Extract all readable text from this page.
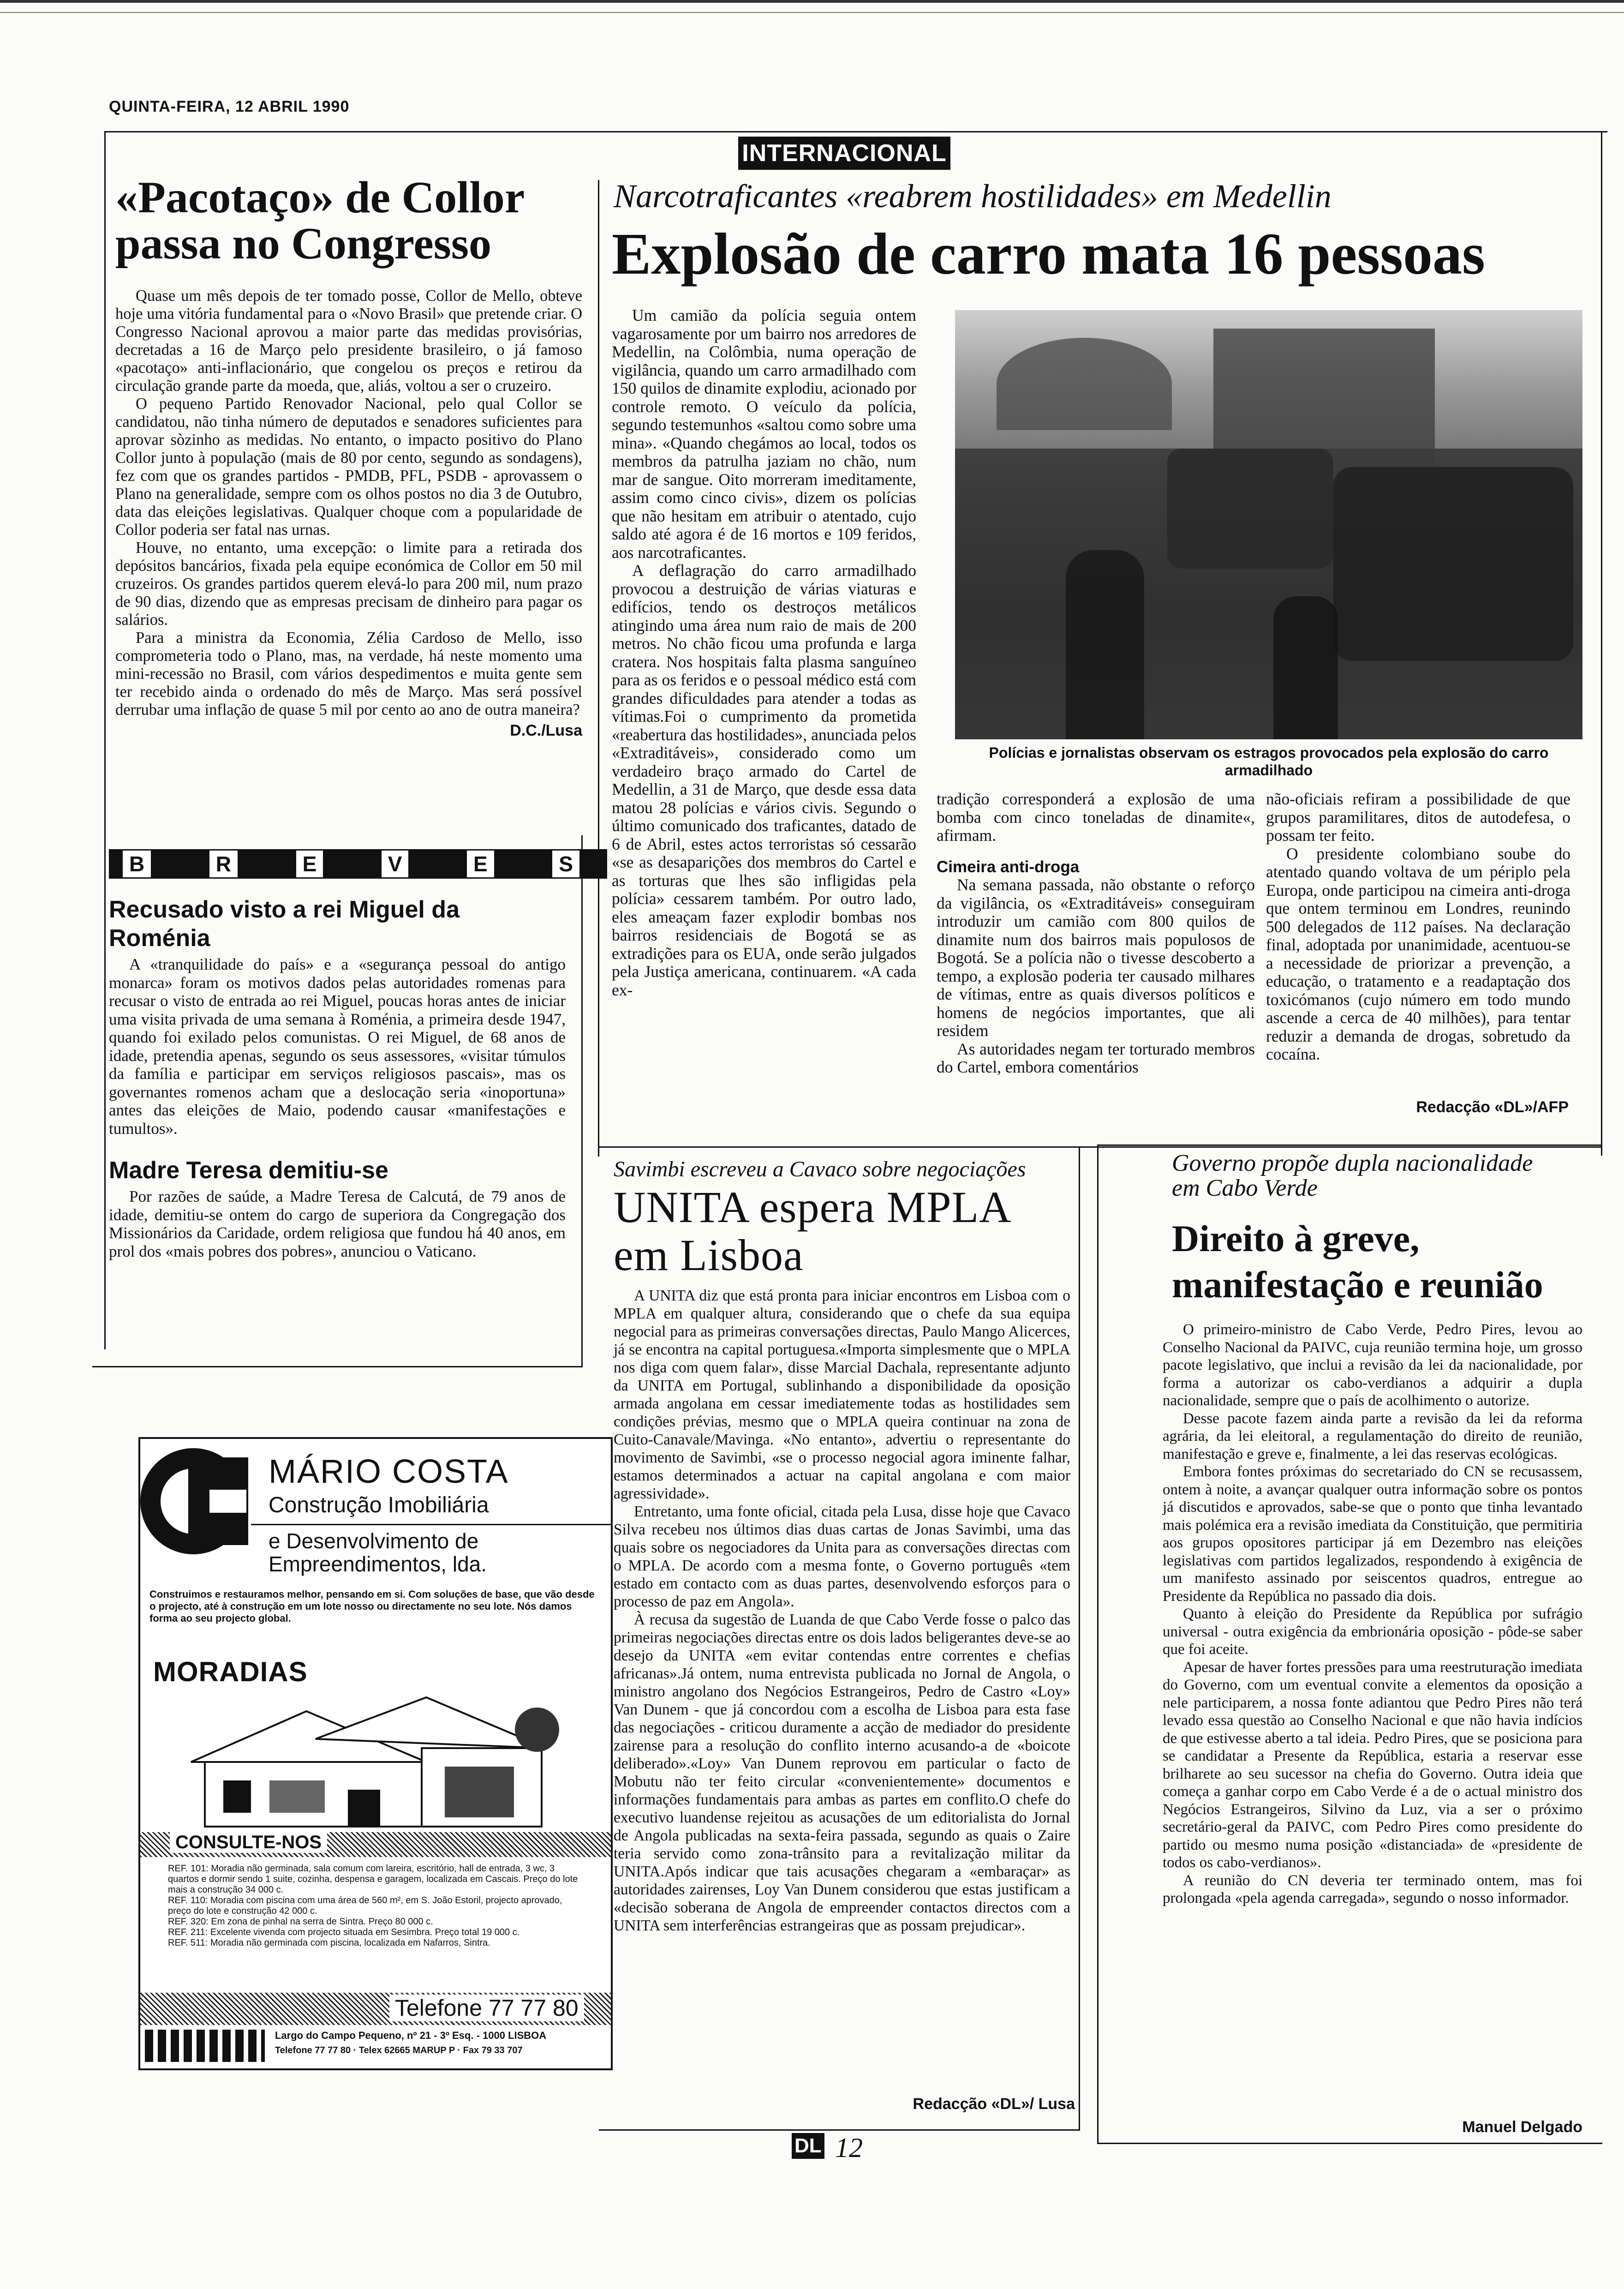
QUINTA-FEIRA, 12 ABRIL 1990
INTERNACIONAL
«Pacotaço» de Collor passa no Congresso

Quase um mês depois de ter tomado posse, Collor de Mello, obteve hoje uma vitória fundamental para o «Novo Brasil» que pretende criar. O Congresso Nacional aprovou a maior parte das medidas provisórias, decretadas a 16 de Março pelo presidente brasileiro, o já famoso «pacotaço» anti-inflacionário, que congelou os preços e retirou da circulação grande parte da moeda, que, aliás, voltou a ser o cruzeiro.

O pequeno Partido Renovador Nacional, pelo qual Collor se candidatou, não tinha número de deputados e senadores suficientes para aprovar sòzinho as medidas. No entanto, o impacto positivo do Plano Collor junto à população (mais de 80 por cento, segundo as sondagens), fez com que os grandes partidos - PMDB, PFL, PSDB - aprovassem o Plano na generalidade, sempre com os olhos postos no dia 3 de Outubro, data das eleições legislativas. Qualquer choque com a popularidade de Collor poderia ser fatal nas urnas.

Houve, no entanto, uma excepção: o limite para a retirada dos depósitos bancários, fixada pela equipe económica de Collor em 50 mil cruzeiros. Os grandes partidos querem elevá-lo para 200 mil, num prazo de 90 dias, dizendo que as empresas precisam de dinheiro para pagar os salários.

Para a ministra da Economia, Zélia Cardoso de Mello, isso comprometeria todo o Plano, mas, na verdade, há neste momento uma mini-recessão no Brasil, com vários despedimentos e muita gente sem ter recebido ainda o ordenado do mês de Março. Mas será possível derrubar uma inflação de quase 5 mil por cento ao ano de outra maneira?

D.C./Lusa
B	R	E	V	E	S
Recusado visto a rei Miguel da Roménia

A «tranquilidade do país» e a «segurança pessoal do antigo monarca» foram os motivos dados pelas autoridades romenas para recusar o visto de entrada ao rei Miguel, poucas horas antes de iniciar uma visita privada de uma semana à Roménia, a primeira desde 1947, quando foi exilado pelos comunistas. O rei Miguel, de 68 anos de idade, pretendia apenas, segundo os seus assessores, «visitar túmulos da família e participar em serviços religiosos pascais», mas os governantes romenos acham que a deslocação seria «inoportuna» antes das eleições de Maio, podendo causar «manifestações e tumultos».

Madre Teresa demitiu-se

Por razões de saúde, a Madre Teresa de Calcutá, de 79 anos de idade, demitiu-se ontem do cargo de superiora da Congregação dos Missionários da Caridade, ordem religiosa que fundou há 40 anos, em prol dos «mais pobres dos pobres», anunciou o Vaticano.

Narcotraficantes «reabrem hostilidades» em Medellin
Explosão de carro mata 16 pessoas

Um camião da polícia seguia ontem vagarosamente por um bairro nos arredores de Medellin, na Colômbia, numa operação de vigilância, quando um carro armadilhado com 150 quilos de dinamite explodiu, acionado por controle remoto. O veículo da polícia, segundo testemunhos «saltou como sobre uma mina». «Quando chegámos ao local, todos os membros da patrulha jaziam no chão, num mar de sangue. Oito morreram imeditamente, assim como cinco civis», dizem os polícias que não hesitam em atribuir o atentado, cujo saldo até agora é de 16 mortos e 109 feridos, aos narcotraficantes.

A deflagração do carro armadilhado provocou a destruição de várias viaturas e edifícios, tendo os destroços metálicos atingindo uma área num raio de mais de 200 metros. No chão ficou uma profunda e larga cratera. Nos hospitais falta plasma sanguíneo para as os feridos e o pessoal médico está com grandes dificuldades para atender a todas as vítimas.Foi o cumprimento da prometida «reabertura das hostilidades», anunciada pelos «Extraditáveis», considerado como um verdadeiro braço armado do Cartel de Medellin, a 31 de Março, que desde essa data matou 28 polícias e vários civis. Segundo o último comunicado dos traficantes, datado de 6 de Abril, estes actos terroristas só cessarão «se as desaparições dos membros do Cartel e as torturas que lhes são infligidas pela polícia» cessarem também. Por outro lado, eles ameaçam fazer explodir bombas nos bairros residenciais de Bogotá se as extradições para os EUA, onde serão julgados pela Justiça americana, continuarem. «A cada ex-

Polícias e jornalistas observam os estragos provocados pela explosão do carro armadilhado
tradição corresponderá a explosão de uma bomba com cinco toneladas de dinamite«, afirmam.
Cimeira anti-droga

Na semana passada, não obstante o reforço da vigilância, os «Extraditáveis» conseguiram introduzir um camião com 800 quilos de dinamite num dos bairros mais populosos de Bogotá. Se a polícia não o tivesse descoberto a tempo, a explosão poderia ter causado milhares de vítimas, entre as quais diversos políticos e homens de negócios importantes, que ali residem

As autoridades negam ter torturado membros do Cartel, embora comentários

não-oficiais refiram a possibilidade de que grupos paramilitares, ditos de autodefesa, o possam ter feito.

O presidente colombiano soube do atentado quando voltava de um périplo pela Europa, onde participou na cimeira anti-droga que ontem terminou em Londres, reunindo 500 delegados de 112 países. Na declaração final, adoptada por unanimidade, acentuou-se a necessidade de priorizar a prevenção, a educação, o tratamento e a readaptação dos toxicómanos (cujo número em todo mundo ascende a cerca de 40 milhões), para tentar reduzir a demanda de drogas, sobretudo da cocaína.

Redacção «DL»/AFP
Savimbi escreveu a Cavaco sobre negociações
UNITA espera MPLA em Lisboa

A UNITA diz que está pronta para iniciar encontros em Lisboa com o MPLA em qualquer altura, considerando que o chefe da sua equipa negocial para as primeiras conversações directas, Paulo Mango Alicerces, já se encontra na capital portuguesa.«Importa simplesmente que o MPLA nos diga com quem falar», disse Marcial Dachala, representante adjunto da UNITA em Portugal, sublinhando a disponibilidade da oposição armada angolana em cessar imediatemente todas as hostilidades sem condições prévias, mesmo que o MPLA queira continuar na zona de Cuito-Canavale/Mavinga. «No entanto», advertiu o representante do movimento de Savimbi, «se o processo negocial agora iminente falhar, estamos determinados a actuar na capital angolana e com maior agressividade».

Entretanto, uma fonte oficial, citada pela Lusa, disse hoje que Cavaco Silva recebeu nos últimos dias duas cartas de Jonas Savimbi, uma das quais sobre os negociadores da Unita para as conversações directas com o MPLA. De acordo com a mesma fonte, o Governo português «tem estado em contacto com as duas partes, desenvolvendo esforços para o processo de paz em Angola».

À recusa da sugestão de Luanda de que Cabo Verde fosse o palco das primeiras negociações directas entre os dois lados beligerantes deve-se ao desejo da UNITA «em evitar contendas entre correntes e chefias africanas».Já ontem, numa entrevista publicada no Jornal de Angola, o ministro angolano dos Negócios Estrangeiros, Pedro de Castro «Loy» Van Dunem - que já concordou com a escolha de Lisboa para esta fase das negociações - criticou duramente a acção de mediador do presidente zairense para a resolução do conflito interno acusando-a de «boicote deliberado».«Loy» Van Dunem reprovou em particular o facto de Mobutu não ter feito circular «convenientemente» documentos e informações fundamentais para ambas as partes em conflito.O chefe do executivo luandense rejeitou as acusações de um editorialista do Jornal de Angola publicadas na sexta-feira passada, segundo as quais o Zaire teria servido como zona-trânsito para a revitalização militar da UNITA.Após indicar que tais acusações chegaram a «embaraçar» as autoridades zairenses, Loy Van Dunem considerou que estas justificam a «decisão soberana de Angola de empreender contactos directos com a UNITA sem interferências estrangeiras que as possam prejudicar».

Redacção «DL»/ Lusa
Governo propõe dupla nacionalidade em Cabo Verde
Direito à greve, manifestação e reunião

O primeiro-ministro de Cabo Verde, Pedro Pires, levou ao Conselho Nacional da PAIVC, cuja reunião termina hoje, um grosso pacote legislativo, que inclui a revisão da lei da nacionalidade, por forma a autorizar os cabo-verdianos a adquirir a dupla nacionalidade, sempre que o país de acolhimento o autorize.

Desse pacote fazem ainda parte a revisão da lei da reforma agrária, da lei eleitoral, a regulamentação do direito de reunião, manifestação e greve e, finalmente, a lei das reservas ecológicas.

Embora fontes próximas do secretariado do CN se recusassem, ontem à noite, a avançar qualquer outra informação sobre os pontos já discutidos e aprovados, sabe-se que o ponto que tinha levantado mais polémica era a revisão imediata da Constituição, que permitiria aos grupos opositores participar já em Dezembro nas eleições legislativas com partidos legalizados, respondendo à exigência de um manifesto assinado por seiscentos quadros, entregue ao Presidente da República no passado dia dois.

Quanto à eleição do Presidente da República por sufrágio universal - outra exigência da embrionária oposição - pôde-se saber que foi aceite.

Apesar de haver fortes pressões para uma reestruturação imediata do Governo, com um eventual convite a elementos da oposição a nele participarem, a nossa fonte adiantou que Pedro Pires não terá levado essa questão ao Conselho Nacional e que não havia indícios de que estivesse aberto a tal ideia. Pedro Pires, que se posiciona para se candidatar a Presente da República, estaria a reservar esse brilharete ao seu sucessor na chefia do Governo. Outra ideia que começa a ganhar corpo em Cabo Verde é a de o actual ministro dos Negócios Estrangeiros, Silvino da Luz, via a ser o próximo secretário-geral da PAIVC, com Pedro Pires como presidente do partido ou mesmo numa posição «distanciada» de «presidente de todos os cabo-verdianos».

A reunião do CN deveria ter terminado ontem, mas foi prolongada «pela agenda carregada», segundo o nosso informador.

Manuel Delgado
MÁRIO COSTA
Construção Imobiliária
e Desenvolvimento de
Empreendimentos, lda.
Construimos e restauramos melhor, pensando em si. Com soluções de base, que vão desde o projecto, até à construção em um lote nosso ou directamente no seu lote. Nós damos forma ao seu projecto global.
MORADIAS
CONSULTE-NOS
REF. 101: Moradia não germinada, sala comum com lareira, escritório, hall de entrada, 3 wc, 3 quartos e dormir sendo 1 suite, cozinha, despensa e garagem, localizada em Cascais. Preço do lote mais a construção 34 000 c.
REF. 110: Moradia com piscina com uma área de 560 m², em S. João Estoril, projecto aprovado, preço do lote e construção 42 000 c.
REF. 320: Em zona de pinhal na serra de Sintra. Preço 80 000 c.
REF. 211: Excelente vivenda com projecto situada em Sesimbra. Preço total 19 000 c.
REF. 511: Moradia não germinada com piscina, localizada em Nafarros, Sintra.
Telefone 77 77 80
Largo do Campo Pequeno, nº 21 - 3º Esq. - 1000 LISBOA
Telefone 77 77 80 · Telex 62665 MARUP P · Fax 79 33 707
DL 12
